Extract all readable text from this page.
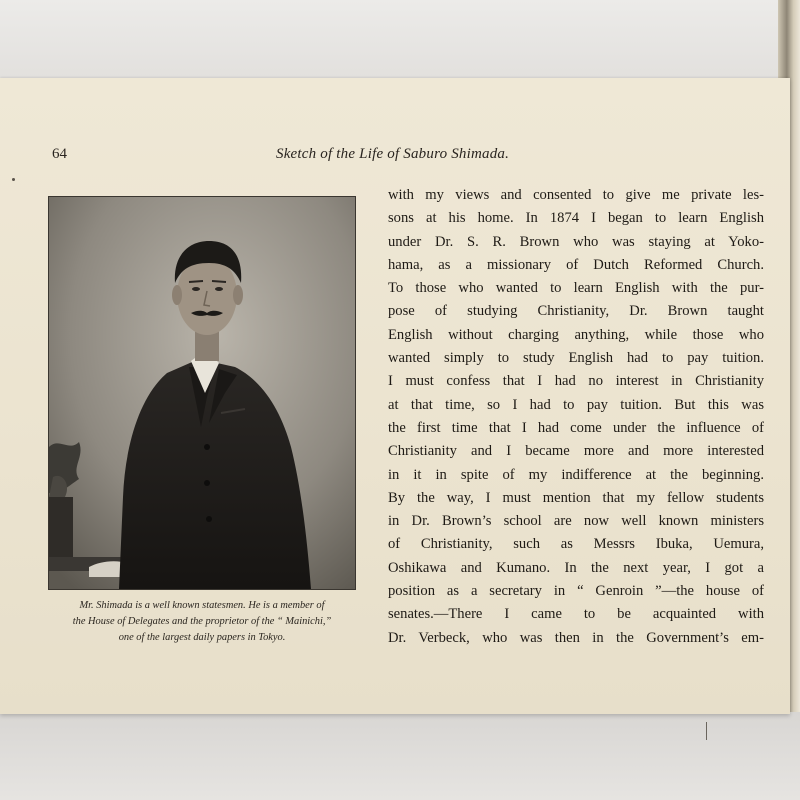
64	Sketch of the Life of Saburo Shimada.
Mr. Shimada is a well known statesmen. He is a member of
the House of Delegates and the proprietor of the “ Mainichi,”
one of the largest daily papers in Tokyo.
with my views and consented to give me private les-
sons at his home. In 1874 I began to learn English
under Dr. S. R. Brown who was staying at Yoko-
hama, as a missionary of Dutch Reformed Church.
To those who wanted to learn English with the pur-
pose of studying Christianity, Dr. Brown taught
English without charging anything, while those who
wanted simply to study English had to pay tuition.
I must confess that I had no interest in Christianity
at that time, so I had to pay tuition. But this was
the first time that I had come under the influence of
Christianity and I became more and more interested
in it in spite of my indifference at the beginning.
By the way, I must mention that my fellow students
in Dr. Brown’s school are now well known ministers
of Christianity, such as Messrs Ibuka, Uemura,
Oshikawa and Kumano. In the next year, I got a
position as a secretary in “ Genroin ”—the house of
senates.—There I came to be acquainted with
Dr. Verbeck, who was then in the Government’s em-
